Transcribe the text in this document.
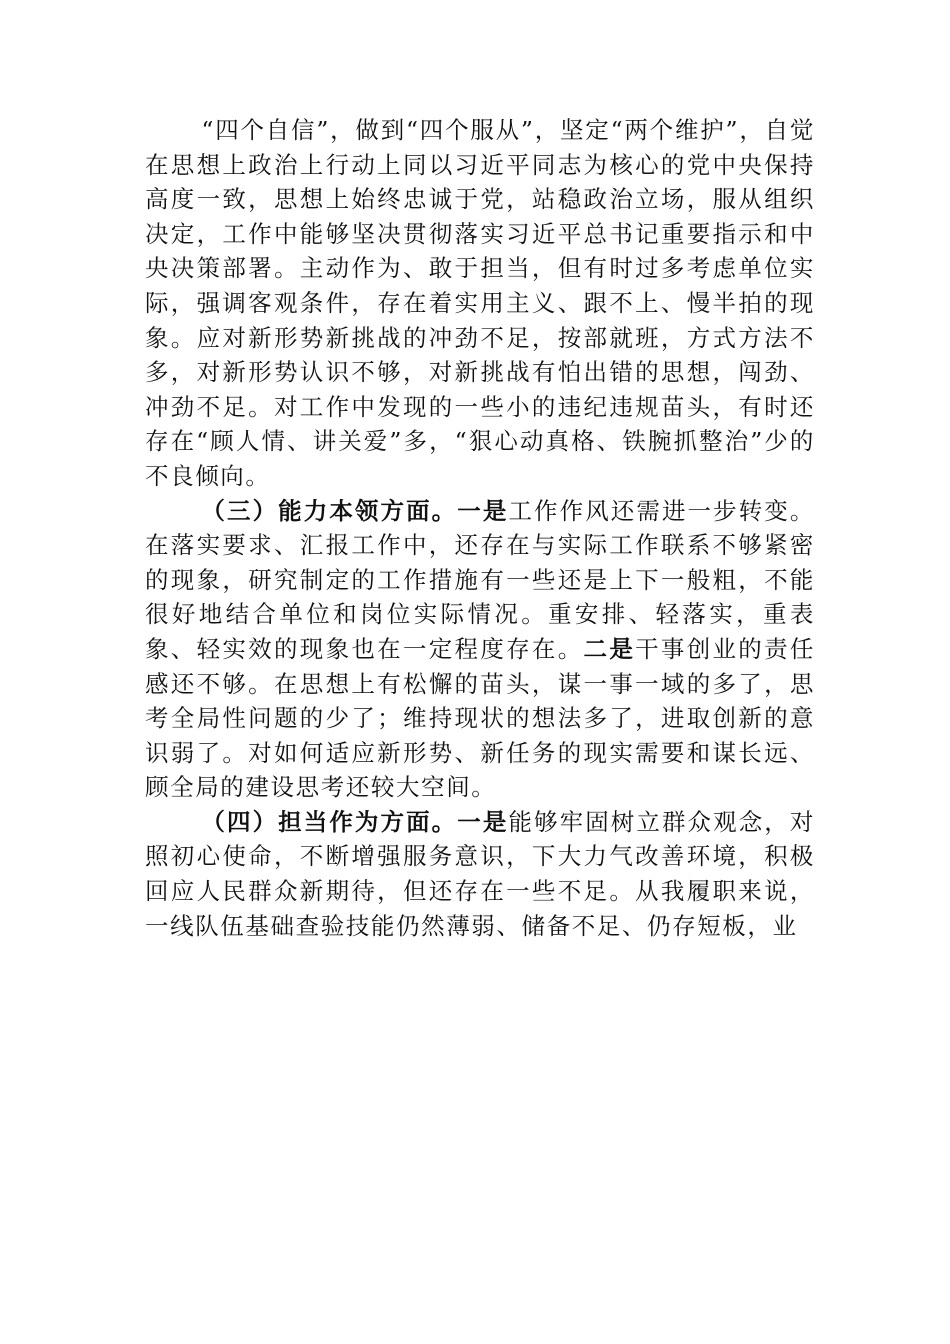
“四个自信”，做到“四个服从”，坚定“两个维护”，自觉在思想上政治上行动上同以习近平同志为核心的党中央保持高度一致，思想上始终忠诚于党，站稳政治立场，服从组织决定，工作中能够坚决贯彻落实习近平总书记重要指示和中央决策部署。主动作为、敢于担当，但有时过多考虑单位实际，强调客观条件，存在着实用主义、跟不上、慢半拍的现象。应对新形势新挑战的冲劲不足，按部就班，方式方法不多，对新形势认识不够，对新挑战有怕出错的思想，闯劲、冲劲不足。对工作中发现的一些小的违纪违规苗头，有时还存在“顾人情、讲关爱”多，“狠心动真格、铁腕抓整治”少的不良倾向。

（三）能力本领方面。一是工作作风还需进一步转变。在落实要求、汇报工作中，还存在与实际工作联系不够紧密的现象，研究制定的工作措施有一些还是上下一般粗，不能很好地结合单位和岗位实际情况。重安排、轻落实，重表象、轻实效的现象也在一定程度存在。二是干事创业的责任感还不够。在思想上有松懈的苗头，谋一事一域的多了，思考全局性问题的少了；维持现状的想法多了，进取创新的意识弱了。对如何适应新形势、新任务的现实需要和谋长远、顾全局的建设思考还较大空间。

（四）担当作为方面。一是能够牢固树立群众观念，对照初心使命，不断增强服务意识，下大力气改善环境，积极回应人民群众新期待，但还存在一些不足。从我履职来说，一线队伍基础查验技能仍然薄弱、储备不足、仍存短板，业
